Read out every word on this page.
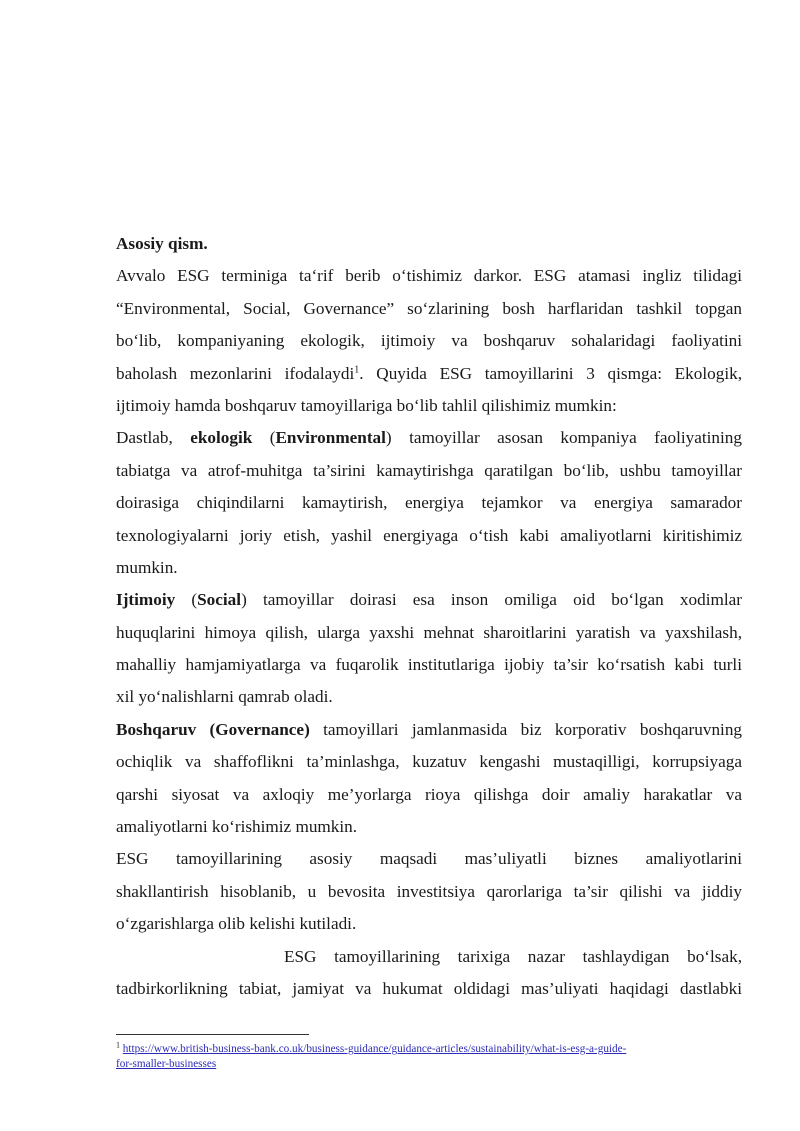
Asosiy qism.
Avvalo ESG terminiga ta‘rif berib o‘tishimiz darkor. ESG atamasi ingliz tilidagi
“Environmental, Social, Governance” so‘zlarining bosh harflaridan tashkil topgan
bo‘lib, kompaniyaning ekologik, ijtimoiy va boshqaruv sohalaridagi faoliyatini
baholash mezonlarini ifodalaydi$^1$. Quyida ESG tamoyillarini 3 qismga: Ekologik,
ijtimoiy hamda boshqaruv tamoyillariga bo‘lib tahlil qilishimiz mumkin:
Dastlab, ekologik (Environmental) tamoyillar asosan kompaniya faoliyatining
tabiatga va atrof-muhitga ta’sirini kamaytirishga qaratilgan bo‘lib, ushbu tamoyillar
doirasiga chiqindilarni kamaytirish, energiya tejamkor va energiya samarador
texnologiyalarni joriy etish, yashil energiyaga o‘tish kabi amaliyotlarni kiritishimiz
mumkin.
Ijtimoiy (Social) tamoyillar doirasi esa inson omiliga oid bo‘lgan xodimlar
huquqlarini himoya qilish, ularga yaxshi mehnat sharoitlarini yaratish va yaxshilash,
mahalliy hamjamiyatlarga va fuqarolik institutlariga ijobiy ta’sir ko‘rsatish kabi turli
xil yo‘nalishlarni qamrab oladi.
Boshqaruv (Governance) tamoyillari jamlanmasida biz korporativ boshqaruvning
ochiqlik va shaffoflikni ta’minlashga, kuzatuv kengashi mustaqilligi, korrupsiyaga
qarshi siyosat va axloqiy me’yorlarga rioya qilishga doir amaliy harakatlar va
amaliyotlarni ko‘rishimiz mumkin.
ESG tamoyillarining asosiy maqsadi mas’uliyatli biznes amaliyotlarini
shakllantirish hisoblanib, u bevosita investitsiya qarorlariga ta’sir qilishi va jiddiy
o‘zgarishlarga olib kelishi kutiladi.
ESG tamoyillarining tarixiga nazar tashlaydigan bo‘lsak,
tadbirkorlikning tabiat, jamiyat va hukumat oldidagi mas’uliyati haqidagi dastlabki
$^1$ https://www.british-business-bank.co.uk/business-guidance/guidance-articles/sustainability/what-is-esg-a-guide-
for-smaller-businesses
